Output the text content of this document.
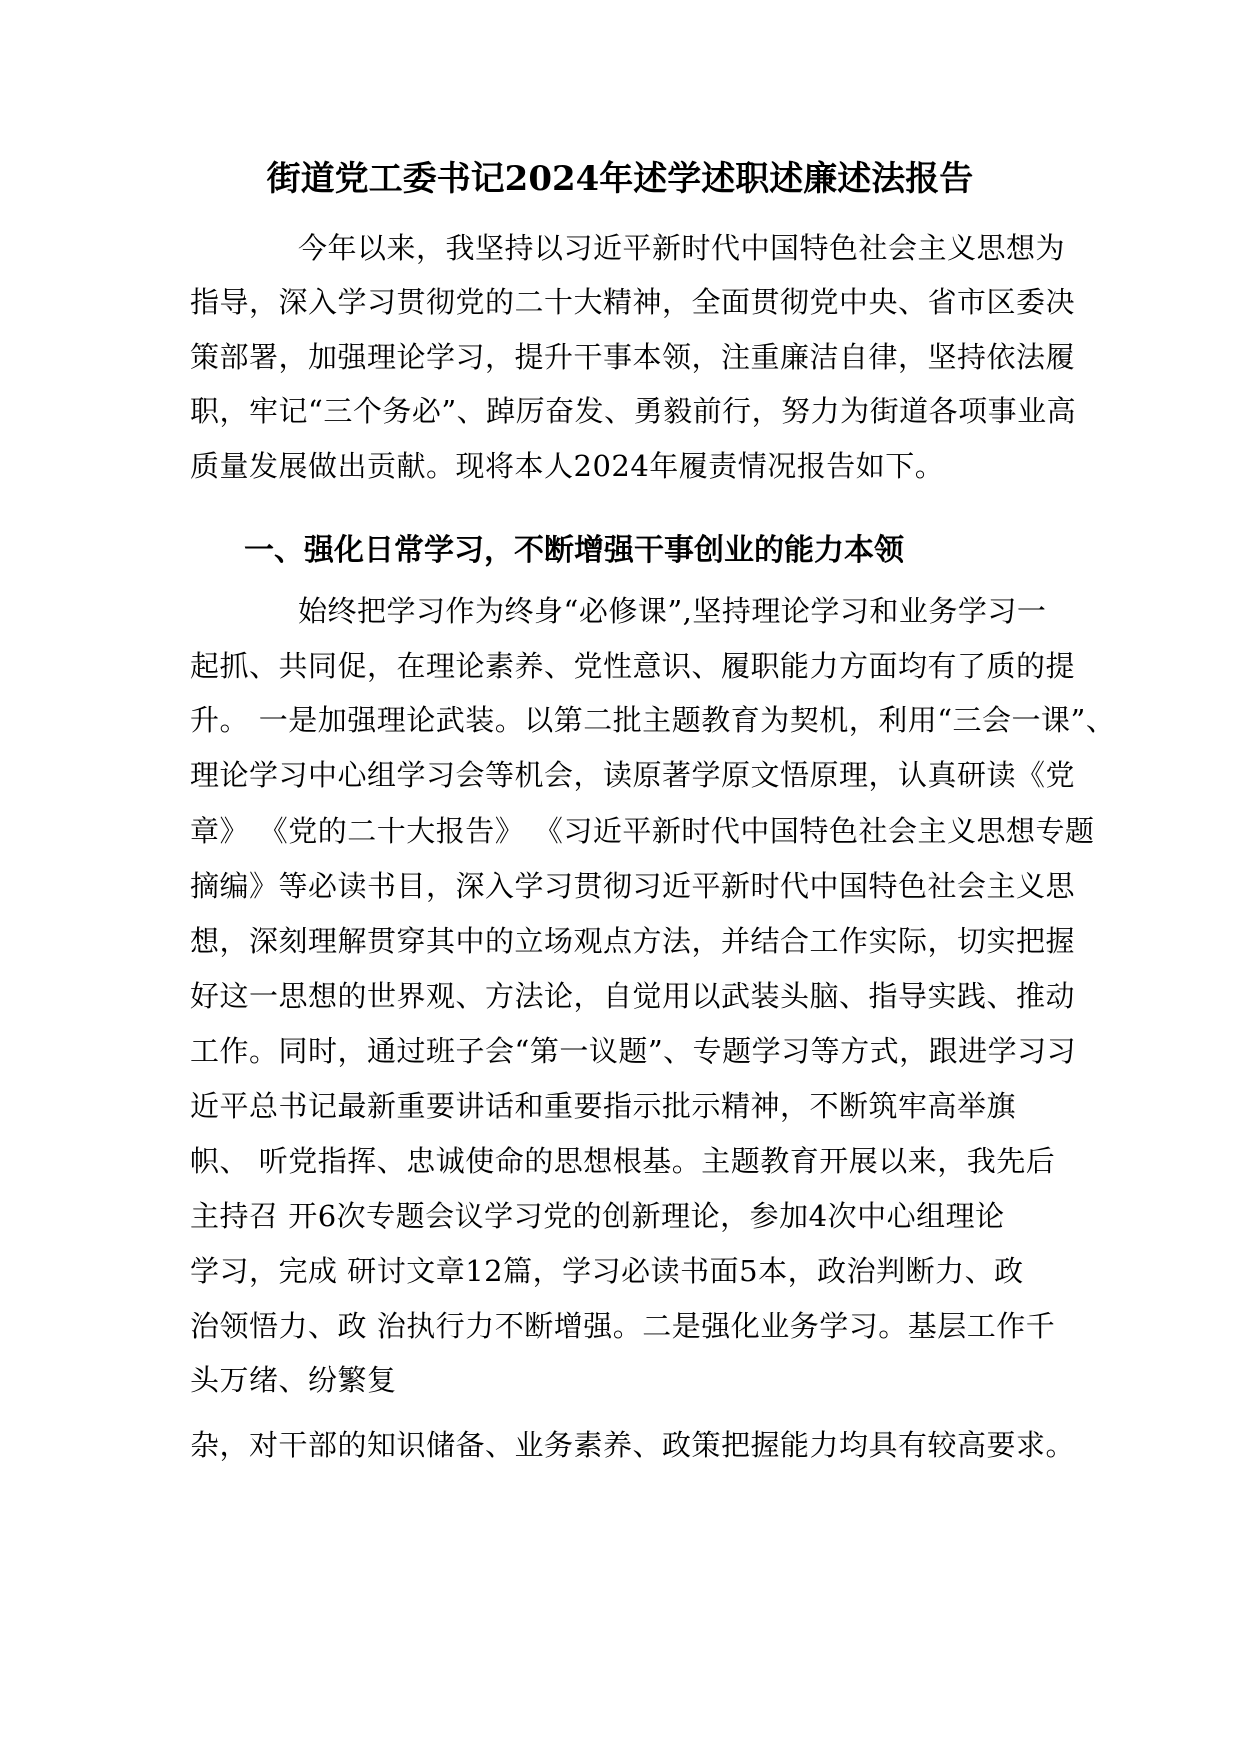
街道党工委书记2024年述学述职述廉述法报告
今年以来，我坚持以习近平新时代中国特色社会主义思想为
指导，深入学习贯彻党的二十大精神，全面贯彻党中央、省市区委决
策部署，加强理论学习，提升干事本领，注重廉洁自律，坚持依法履
职，牢记“三个务必”、踔厉奋发、勇毅前行，努力为街道各项事业高
质量发展做出贡献。现将本人2024年履责情况报告如下。
一、强化日常学习，不断增强干事创业的能力本领
始终把学习作为终身“必修课”,坚持理论学习和业务学习一
起抓、共同促，在理论素养、党性意识、履职能力方面均有了质的提
升。 一是加强理论武装。以第二批主题教育为契机，利用“三会一课”、
理论学习中心组学习会等机会，读原著学原文悟原理，认真研读《党
章》 《党的二十大报告》 《习近平新时代中国特色社会主义思想专题
摘编》等必读书目，深入学习贯彻习近平新时代中国特色社会主义思
想，深刻理解贯穿其中的立场观点方法，并结合工作实际，切实把握
好这一思想的世界观、方法论，自觉用以武装头脑、指导实践、推动
工作。同时，通过班子会“第一议题”、专题学习等方式，跟进学习习
近平总书记最新重要讲话和重要指示批示精神，不断筑牢高举旗
帜、 听党指挥、忠诚使命的思想根基。主题教育开展以来，我先后
主持召 开6次专题会议学习党的创新理论，参加4次中心组理论
学习，完成 研讨文章12篇，学习必读书面5本，政治判断力、政
治领悟力、政 治执行力不断增强。二是强化业务学习。基层工作千
头万绪、纷繁复
杂，对干部的知识储备、业务素养、政策把握能力均具有较高要求。
